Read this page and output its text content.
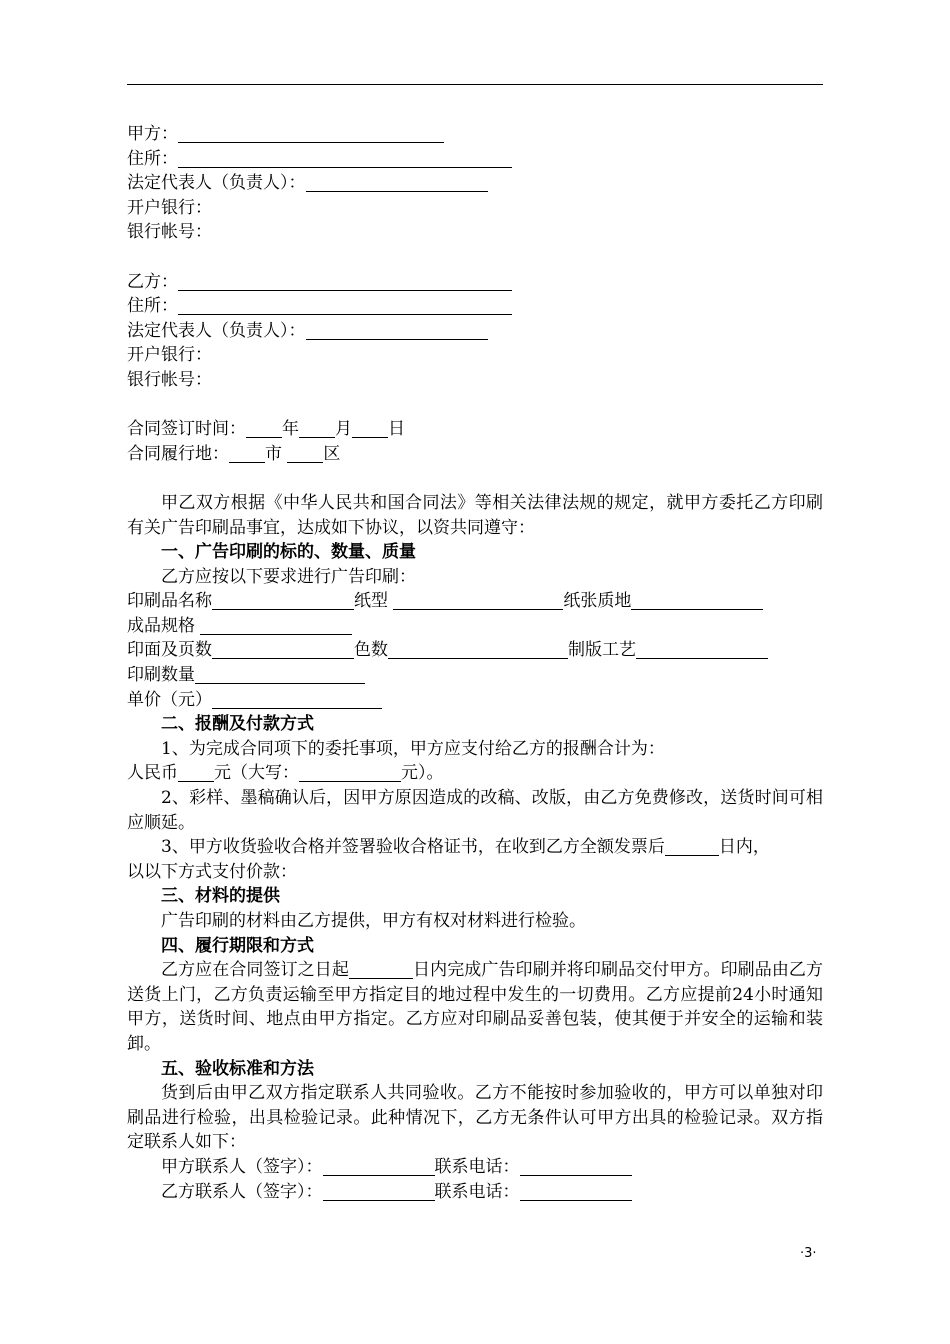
甲方：
住所：
法定代表人（负责人）：
开户银行：
银行帐号：
乙方：
住所：
法定代表人（负责人）：
开户银行：
银行帐号：
合同签订时间： 年 月 日
合同履行地： 市 区
甲乙双方根据《中华人民共和国合同法》等相关法律法规的规定，就甲方委托乙方印刷有关广告印刷品事宜，达成如下协议，以资共同遵守：
一、广告印刷的标的、数量、质量
乙方应按以下要求进行广告印刷：
印刷品名称	纸型	纸张质地
成品规格
印面及页数	色数	制版工艺
印刷数量
单价（元）
二、报酬及付款方式
1、为完成合同项下的委托事项，甲方应支付给乙方的报酬合计为：
人民币 元（大写：	元）。
2、彩样、墨稿确认后，因甲方原因造成的改稿、改版，由乙方免费修改，送货时间可相应顺延。
3、甲方收货验收合格并签署验收合格证书，在收到乙方全额发票后	日内，
以以下方式支付价款：
三、材料的提供
广告印刷的材料由乙方提供，甲方有权对材料进行检验。
四、履行期限和方式
乙方应在合同签订之日起	日内完成广告印刷并将印刷品交付甲方。印刷品由乙方送货上门，乙方负责运输至甲方指定目的地过程中发生的一切费用。乙方应提前24小时通知甲方，送货时间、地点由甲方指定。乙方应对印刷品妥善包装，使其便于并安全的运输和装卸。
五、验收标准和方法
货到后由甲乙双方指定联系人共同验收。乙方不能按时参加验收的，甲方可以单独对印刷品进行检验，出具检验记录。此种情况下，乙方无条件认可甲方出具的检验记录。双方指定联系人如下：
甲方联系人（签字）：	联系电话：
乙方联系人（签字）：	联系电话：
·3·
